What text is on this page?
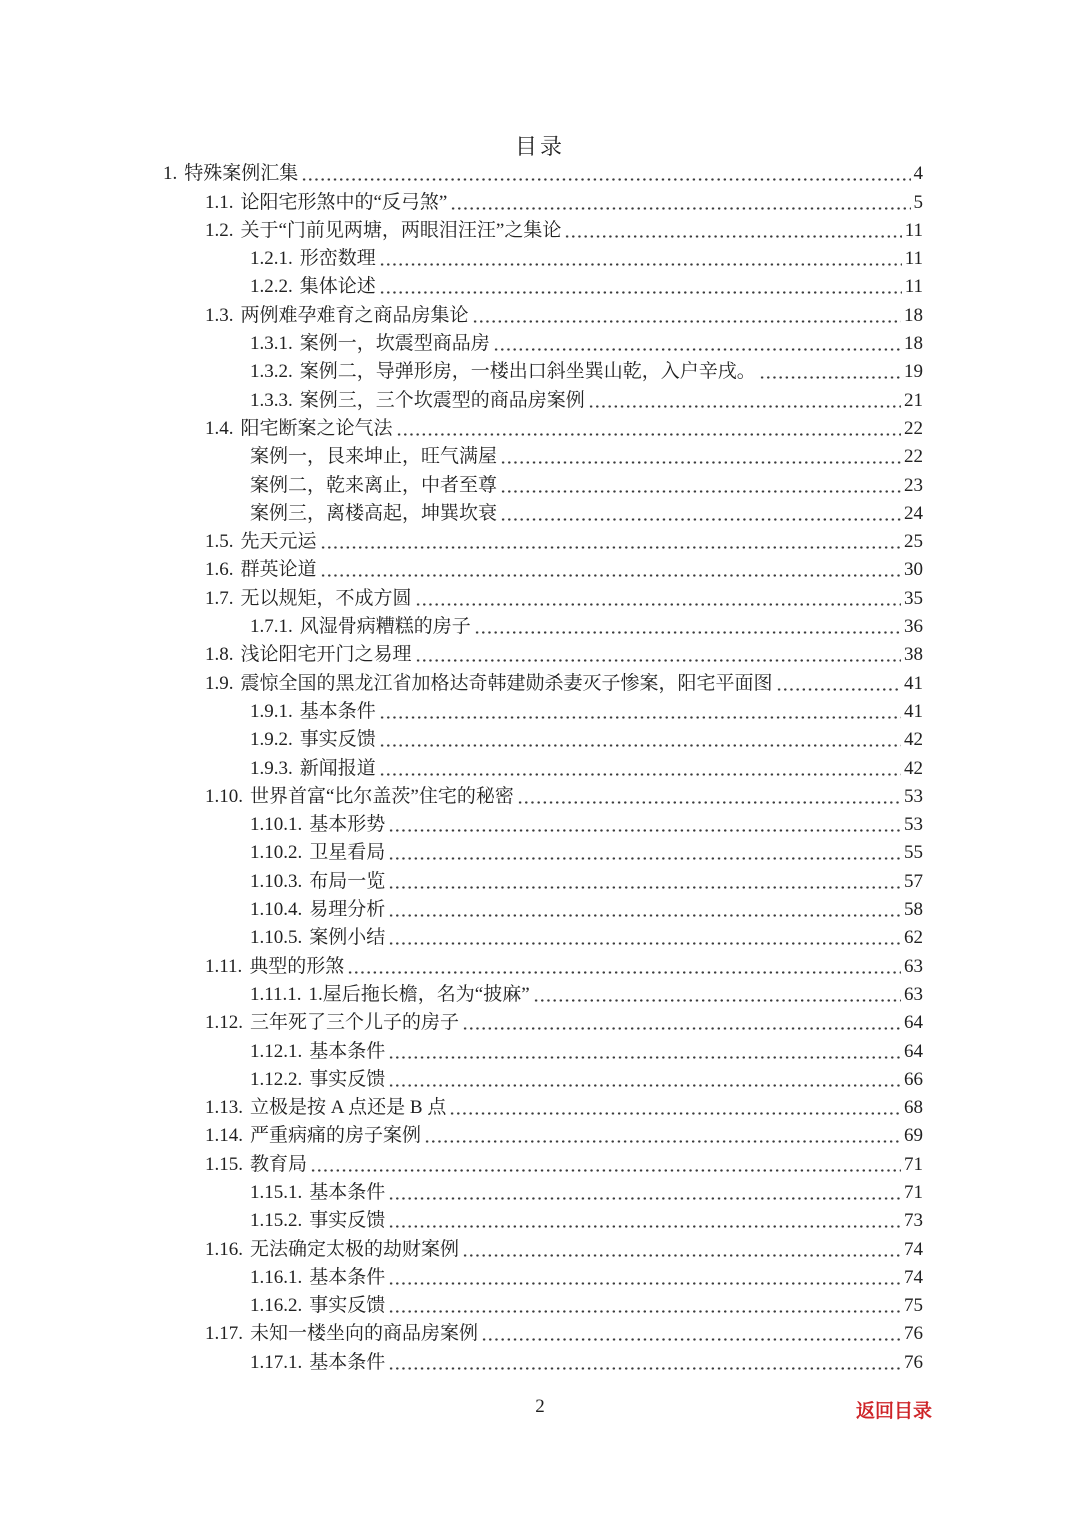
目录
1. 特殊案例汇集	4
1.1. 论阳宅形煞中的“反弓煞”	5
1.2. 关于“门前见两塘，两眼泪汪汪”之集论	11
1.2.1. 形峦数理	11
1.2.2. 集体论述	11
1.3. 两例难孕难育之商品房集论	18
1.3.1. 案例一，坎震型商品房	18
1.3.2. 案例二，导弹形房，一楼出口斜坐巽山乾，入户辛戌。	19
1.3.3. 案例三，三个坎震型的商品房案例	21
1.4. 阳宅断案之论气法	22
案例一，艮来坤止，旺气满屋	22
案例二，乾来离止，中者至尊	23
案例三，离楼高起，坤巽坎衰	24
1.5. 先天元运	25
1.6. 群英论道	30
1.7. 无以规矩，不成方圆	35
1.7.1. 风湿骨病糟糕的房子	36
1.8. 浅论阳宅开门之易理	38
1.9. 震惊全国的黑龙江省加格达奇韩建勋杀妻灭子惨案，阳宅平面图	41
1.9.1. 基本条件	41
1.9.2. 事实反馈	42
1.9.3. 新闻报道	42
1.10. 世界首富“比尔盖茨”住宅的秘密	53
1.10.1. 基本形势	53
1.10.2. 卫星看局	55
1.10.3. 布局一览	57
1.10.4. 易理分析	58
1.10.5. 案例小结	62
1.11. 典型的形煞	63
1.11.1. 1.屋后拖长檐，名为“披麻”	63
1.12. 三年死了三个儿子的房子	64
1.12.1. 基本条件	64
1.12.2. 事实反馈	66
1.13. 立极是按 A 点还是 B 点	68
1.14. 严重病痛的房子案例	69
1.15. 教育局	71
1.15.1. 基本条件	71
1.15.2. 事实反馈	73
1.16. 无法确定太极的劫财案例	74
1.16.1. 基本条件	74
1.16.2. 事实反馈	75
1.17. 未知一楼坐向的商品房案例	76
1.17.1. 基本条件	76
2	返回目录
